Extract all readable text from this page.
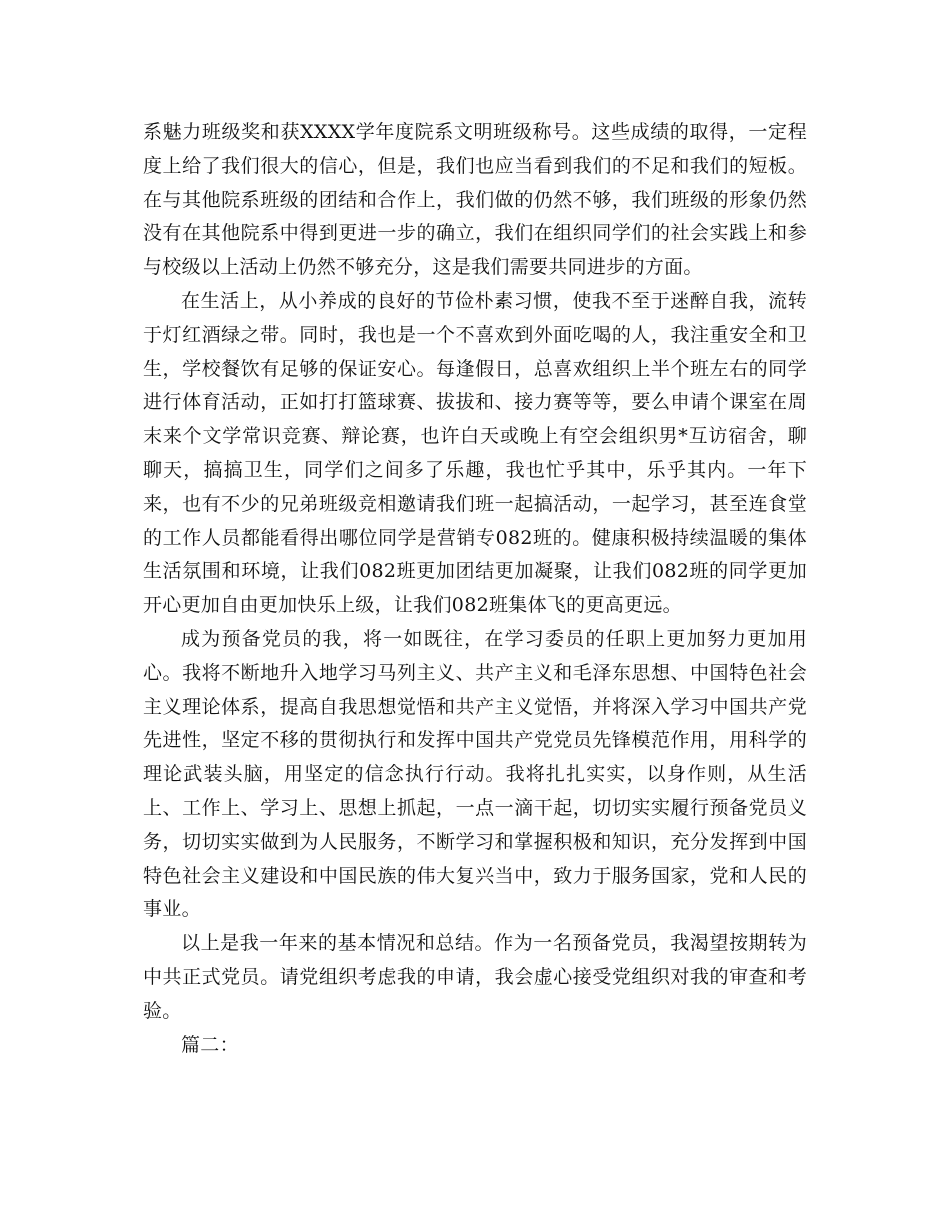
系魅力班级奖和获XXXX学年度院系文明班级称号。这些成绩的取得，一定程度上给了我们很大的信心，但是，我们也应当看到我们的不足和我们的短板。在与其他院系班级的团结和合作上，我们做的仍然不够，我们班级的形象仍然没有在其他院系中得到更进一步的确立，我们在组织同学们的社会实践上和参与校级以上活动上仍然不够充分，这是我们需要共同进步的方面。

在生活上，从小养成的良好的节俭朴素习惯，使我不至于迷醉自我，流转于灯红酒绿之带。同时，我也是一个不喜欢到外面吃喝的人，我注重安全和卫生，学校餐饮有足够的保证安心。每逢假日，总喜欢组织上半个班左右的同学进行体育活动，正如打打篮球赛、拔拔和、接力赛等等，要么申请个课室在周末来个文学常识竞赛、辩论赛，也许白天或晚上有空会组织男*互访宿舍，聊聊天，搞搞卫生，同学们之间多了乐趣，我也忙乎其中，乐乎其内。一年下来，也有不少的兄弟班级竞相邀请我们班一起搞活动，一起学习，甚至连食堂的工作人员都能看得出哪位同学是营销专082班的。健康积极持续温暖的集体生活氛围和环境，让我们082班更加团结更加凝聚，让我们082班的同学更加开心更加自由更加快乐上级，让我们082班集体飞的更高更远。

成为预备党员的我，将一如既往，在学习委员的任职上更加努力更加用心。我将不断地升入地学习马列主义、共产主义和毛泽东思想、中国特色社会主义理论体系，提高自我思想觉悟和共产主义觉悟，并将深入学习中国共产党先进性，坚定不移的贯彻执行和发挥中国共产党党员先锋模范作用，用科学的理论武装头脑，用坚定的信念执行行动。我将扎扎实实，以身作则，从生活上、工作上、学习上、思想上抓起，一点一滴干起，切切实实履行预备党员义务，切切实实做到为人民服务，不断学习和掌握积极和知识，充分发挥到中国特色社会主义建设和中国民族的伟大复兴当中，致力于服务国家，党和人民的事业。

以上是我一年来的基本情况和总结。作为一名预备党员，我渴望按期转为中共正式党员。请党组织考虑我的申请，我会虚心接受党组织对我的审查和考验。

篇二：
